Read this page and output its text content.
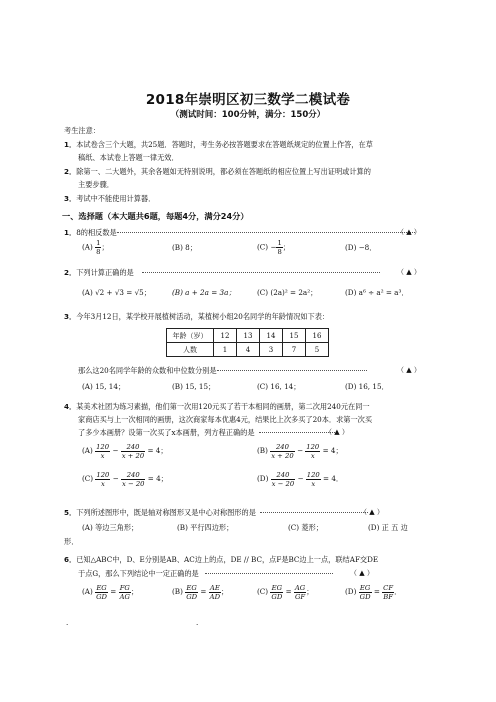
2018年崇明区初三数学二模试卷
（测试时间：100分钟，满分：150分）
考生注意：
1．本试卷含三个大题，共25题．答题时，考生务必按答题要求在答题纸规定的位置上作答，在草
稿纸、本试卷上答题一律无效．
2．除第一、二大题外，其余各题如无特别说明，都必须在答题纸的相应位置上写出证明或计算的
主要步骤．
3．考试中不能使用计算器．
一、选择题（本大题共6题，每题4分，满分24分）
1．8的相反数是	（ ▲ ）
$(A) \frac{1}{8}$ ；	(B) 8；	$(C) - \frac{1}{8}$ ；	(D) −8．
2．下列计算正确的是	（ ▲ ）
(A) √2 + √3 = √5；	(B) a + 2a = 3a；	(C) (2a)² = 2a²；	(D) a⁶ ÷ a² = a³．
3．今年3月12日，某学校开展植树活动，某植树小组20名同学的年龄情况如下表：
年龄（岁）	12	13	14	15	16
人数	1	4	3	7	5
那么这20名同学年龄的众数和中位数分别是	（ ▲ ）
(A) 15, 14；	(B) 15, 15；	(C) 16, 14；	(D) 16, 15．
4．某美术社团为练习素描，他们第一次用120元买了若干本相同的画册，第二次用240元在同一
家商店买与上一次相同的画册，这次商家每本优惠4元，结果比上次多买了20本．求第一次买
了多少本画册？设第一次买了x本画册，列方程正确的是	（ ▲ ）
$(A) \frac{120}{x} - \frac{240}{x + 20} = 4$；	$(B) \frac{240}{x + 20} - \frac{120}{x} = 4$；
$(C) \frac{120}{x} - \frac{240}{x - 20} = 4$；	$(D) \frac{240}{x - 20} - \frac{120}{x} = 4$．
5．下列所述图形中，既是轴对称图形又是中心对称图形的是	（ ▲ ）
(A) 等边三角形；	(B) 平行四边形；	(C) 菱形；	(D) 正 五 边
形．
6．已知△ABC中，D、E分别是AB、AC边上的点，DE // BC，点F是BC边上一点，联结AF交DE
于点G，那么下列结论中一定正确的是	（ ▲ ）
$(A) \frac{EG}{GD} = \frac{FG}{AG}$ ；	$(B) \frac{EG}{GD} = \frac{AE}{AD}$ ；	$(C) \frac{EG}{GD} = \frac{AG}{GF}$ ；	$(D) \frac{EG}{GD} = \frac{CF}{BF}$ ．
.	.
